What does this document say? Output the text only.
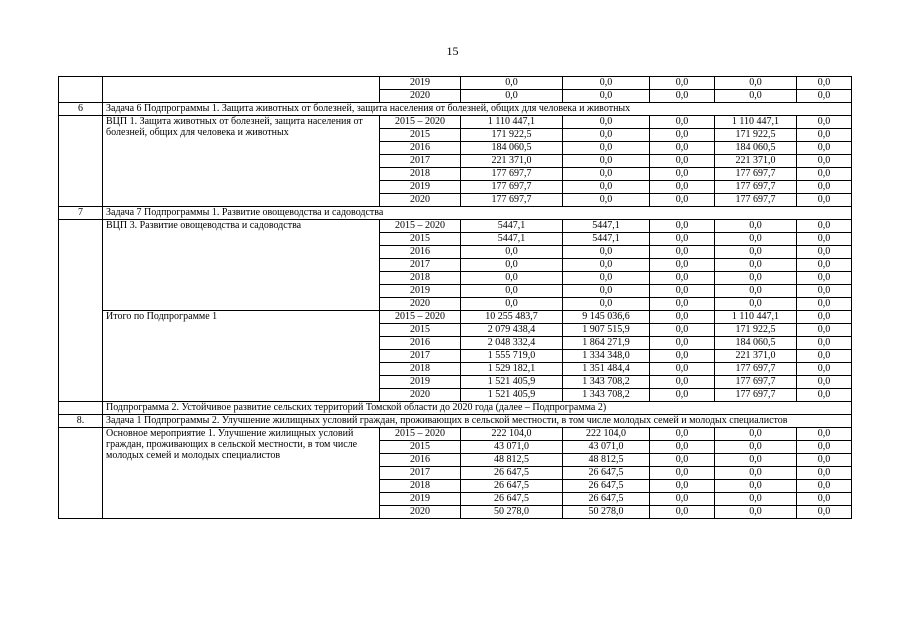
15
		2019	0,0	0,0	0,0	0,0	0,0
		2020	0,0	0,0	0,0	0,0	0,0
6	Задача 6 Подпрограммы 1. Защита животных от болезней, защита населения от болезней, общих для человека и животных						
	ВЦП 1. Защита животных от болезней, защита населения от болезней, общих для человека и животных	2015 – 2020	1 110 447,1	0,0	0,0	1 110 447,1	0,0
		2015	171 922,5	0,0	0,0	171 922,5	0,0
		2016	184 060,5	0,0	0,0	184 060,5	0,0
		2017	221 371,0	0,0	0,0	221 371,0	0,0
		2018	177 697,7	0,0	0,0	177 697,7	0,0
		2019	177 697,7	0,0	0,0	177 697,7	0,0
		2020	177 697,7	0,0	0,0	177 697,7	0,0
7	Задача 7 Подпрограммы 1. Развитие овощеводства и садоводства						
	ВЦП 3. Развитие овощеводства и садоводства	2015 – 2020	5447,1	5447,1	0,0	0,0	0,0
		2015	5447,1	5447,1	0,0	0,0	0,0
		2016	0,0	0,0	0,0	0,0	0,0
		2017	0,0	0,0	0,0	0,0	0,0
		2018	0,0	0,0	0,0	0,0	0,0
		2019	0,0	0,0	0,0	0,0	0,0
		2020	0,0	0,0	0,0	0,0	0,0
	Итого по Подпрограмме 1	2015 – 2020	10 255 483,7	9 145 036,6	0,0	1 110 447,1	0,0
		2015	2 079 438,4	1 907 515,9	0,0	171 922,5	0,0
		2016	2 048 332,4	1 864 271,9	0,0	184 060,5	0,0
		2017	1 555 719,0	1 334 348,0	0,0	221 371,0	0,0
		2018	1 529 182,1	1 351 484,4	0,0	177 697,7	0,0
		2019	1 521 405,9	1 343 708,2	0,0	177 697,7	0,0
		2020	1 521 405,9	1 343 708,2	0,0	177 697,7	0,0
	Подпрограмма 2. Устойчивое развитие сельских территорий Томской области до 2020 года (далее – Подпрограмма 2)						
8.	Задача 1 Подпрограммы 2. Улучшение жилищных условий граждан, проживающих в сельской местности, в том числе молодых семей и молодых специалистов						
	Основное мероприятие 1. Улучшение жилищных условий граждан, проживающих в сельской местности, в том числе молодых семей и молодых специалистов	2015 – 2020	222 104,0	222 104,0	0,0	0,0	0,0
		2015	43 071,0	43 071,0	0,0	0,0	0,0
		2016	48 812,5	48 812,5	0,0	0,0	0,0
		2017	26 647,5	26 647,5	0,0	0,0	0,0
		2018	26 647,5	26 647,5	0,0	0,0	0,0
		2019	26 647,5	26 647,5	0,0	0,0	0,0
		2020	50 278,0	50 278,0	0,0	0,0	0,0
